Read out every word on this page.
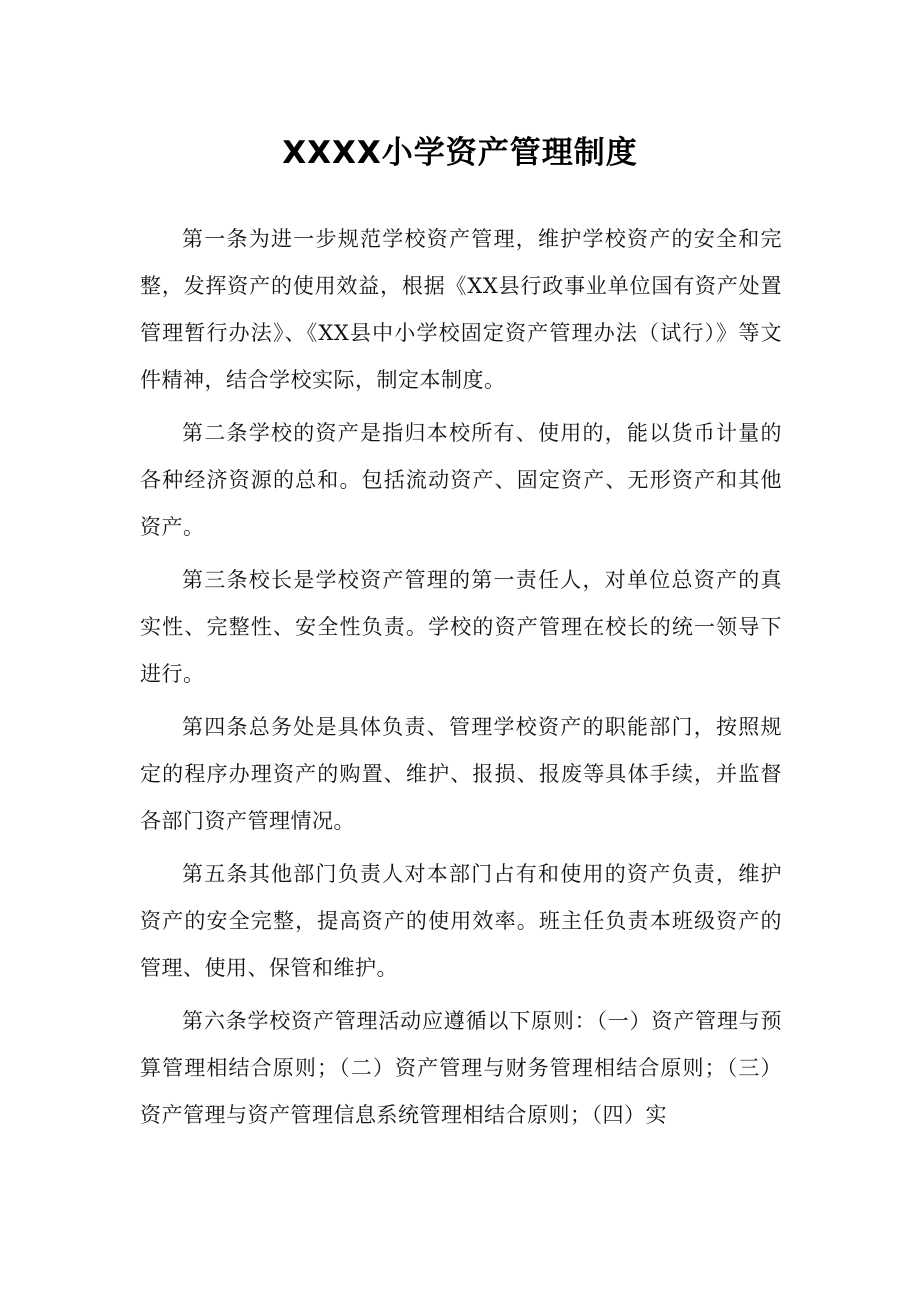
XXXX小学资产管理制度

第一条为进一步规范学校资产管理，维护学校资产的安全和完整，发挥资产的使用效益，根据《XX县行政事业单位国有资产处置管理暂行办法》、《XX县中小学校固定资产管理办法（试行）》等文件精神，结合学校实际，制定本制度。

第二条学校的资产是指归本校所有、使用的，能以货币计量的各种经济资源的总和。包括流动资产、固定资产、无形资产和其他资产。

第三条校长是学校资产管理的第一责任人，对单位总资产的真实性、完整性、安全性负责。学校的资产管理在校长的统一领导下进行。

第四条总务处是具体负责、管理学校资产的职能部门，按照规定的程序办理资产的购置、维护、报损、报废等具体手续，并监督各部门资产管理情况。

第五条其他部门负责人对本部门占有和使用的资产负责，维护资产的安全完整，提高资产的使用效率。班主任负责本班级资产的管理、使用、保管和维护。

第六条学校资产管理活动应遵循以下原则：（一）资产管理与预算管理相结合原则；（二）资产管理与财务管理相结合原则；（三）资产管理与资产管理信息系统管理相结合原则；（四）实
